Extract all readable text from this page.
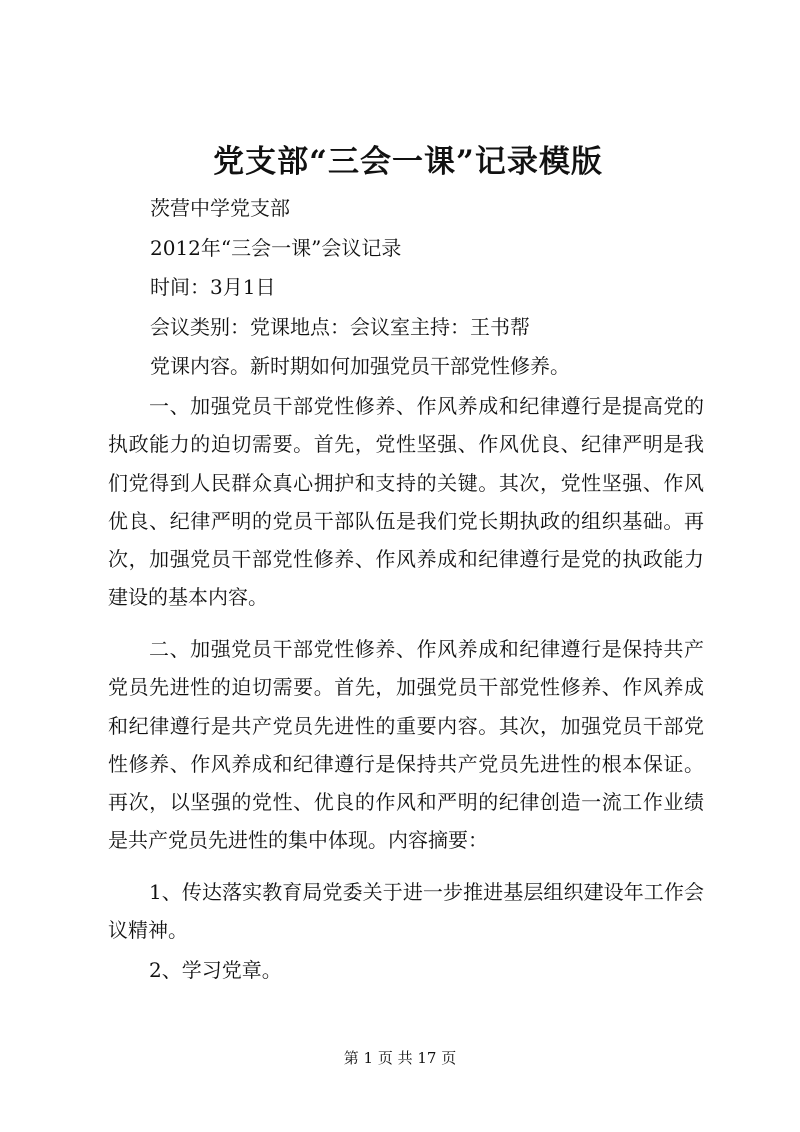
党支部“三会一课”记录模版

茨营中学党支部

2012年“三会一课”会议记录

时间：3月1日

会议类别：党课地点：会议室主持：王书帮

党课内容。新时期如何加强党员干部党性修养。

一、加强党员干部党性修养、作风养成和纪律遵行是提高党的执政能力的迫切需要。首先，党性坚强、作风优良、纪律严明是我们党得到人民群众真心拥护和支持的关键。其次，党性坚强、作风优良、纪律严明的党员干部队伍是我们党长期执政的组织基础。再次，加强党员干部党性修养、作风养成和纪律遵行是党的执政能力建设的基本内容。

二、加强党员干部党性修养、作风养成和纪律遵行是保持共产党员先进性的迫切需要。首先，加强党员干部党性修养、作风养成和纪律遵行是共产党员先进性的重要内容。其次，加强党员干部党性修养、作风养成和纪律遵行是保持共产党员先进性的根本保证。再次，以坚强的党性、优良的作风和严明的纪律创造一流工作业绩是共产党员先进性的集中体现。内容摘要：

1、传达落实教育局党委关于进一步推进基层组织建设年工作会议精神。

2、学习党章。

第 1 页 共 17 页
